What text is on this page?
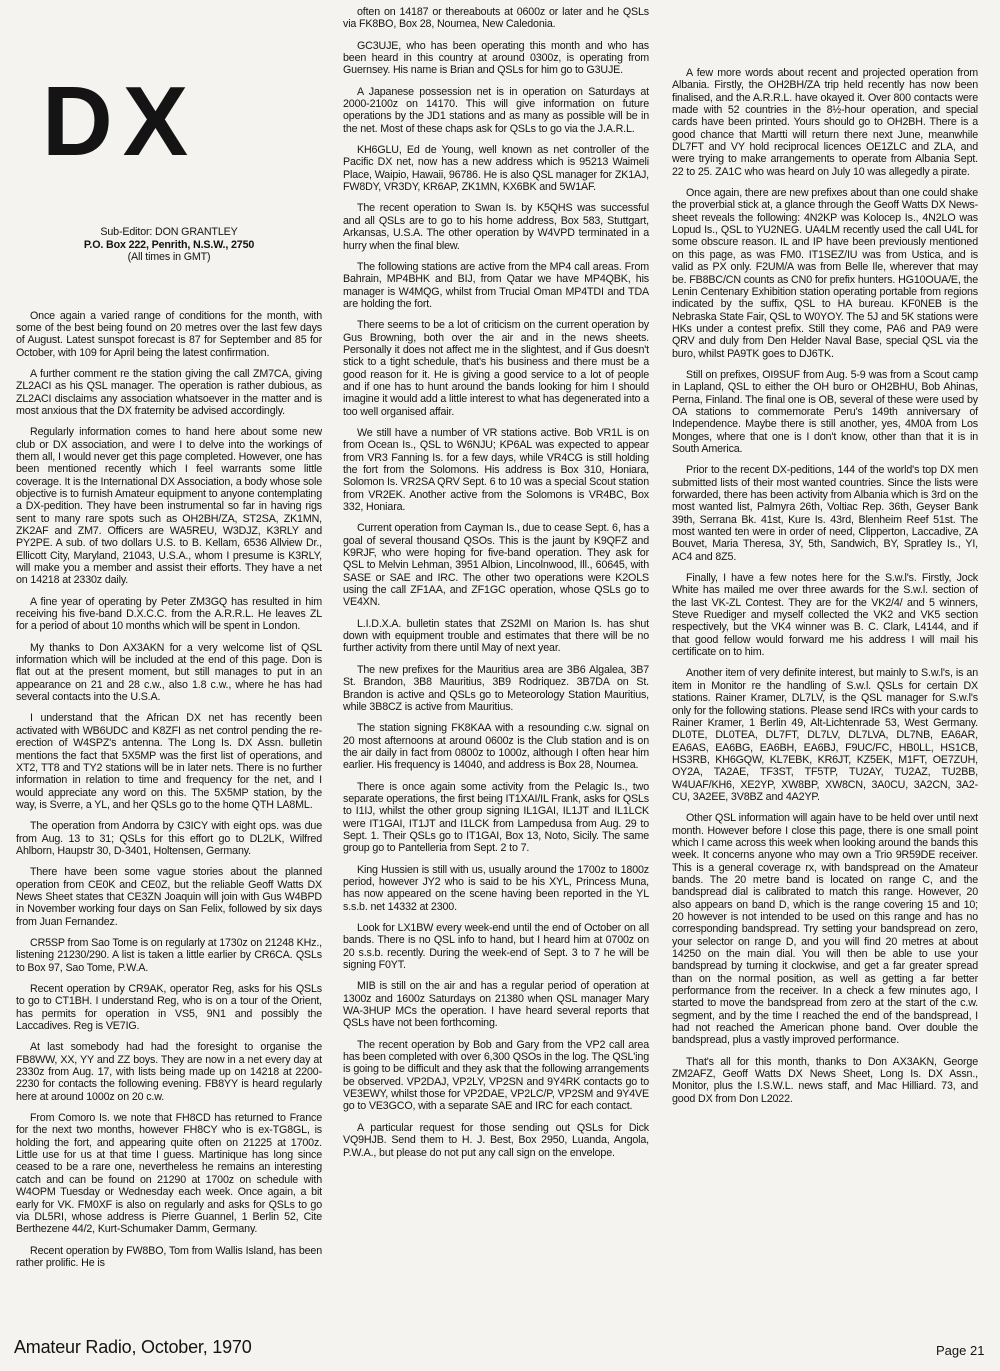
DX
Sub-Editor: DON GRANTLEY
P.O. Box 222, Penrith, N.S.W., 2750
(All times in GMT)

Once again a varied range of conditions for the month, with some of the best being found on 20 metres over the last few days of August. Latest sunspot forecast is 87 for September and 85 for October, with 109 for April being the latest confirmation.

A further comment re the station giving the call ZM7CA, giving ZL2ACI as his QSL manager. The operation is rather dubious, as ZL2ACI disclaims any association whatsoever in the matter and is most anxious that the DX fraternity be advised accordingly.

Regularly information comes to hand here about some new club or DX association, and were I to delve into the workings of them all, I would never get this page completed. However, one has been mentioned recently which I feel warrants some little coverage. It is the International DX Association, a body whose sole objective is to furnish Amateur equipment to anyone contemplating a DX-pedition. They have been instrumental so far in having rigs sent to many rare spots such as OH2BH/ZA, ST2SA, ZK1MN, ZK2AF and ZM7. Officers are WA5REU, W3DJZ, K3RLY and PY2PE. A sub. of two dollars U.S. to B. Kellam, 6536 Allview Dr., Ellicott City, Maryland, 21043, U.S.A., whom I presume is K3RLY, will make you a member and assist their efforts. They have a net on 14218 at 2330z daily.

A fine year of operating by Peter ZM3GQ has resulted in him receiving his five-band D.X.C.C. from the A.R.R.L. He leaves ZL for a period of about 10 months which will be spent in London.

My thanks to Don AX3AKN for a very welcome list of QSL information which will be included at the end of this page. Don is flat out at the present moment, but still manages to put in an appearance on 21 and 28 c.w., also 1.8 c.w., where he has had several contacts into the U.S.A.

I understand that the African DX net has recently been activated with WB6UDC and K8ZFI as net control pending the re-erection of W4SPZ's antenna. The Long Is. DX Assn. bulletin mentions the fact that 5X5MP was the first list of operations, and XT2, TT8 and TY2 stations will be in later nets. There is no further information in relation to time and frequency for the net, and I would appreciate any word on this. The 5X5MP station, by the way, is Sverre, a YL, and her QSLs go to the home QTH LA8ML.

The operation from Andorra by C3ICY with eight ops. was due from Aug. 13 to 31; QSLs for this effort go to DL2LK, Wilfred Ahlborn, Haupstr 30, D-3401, Holtensen, Germany.

There have been some vague stories about the planned operation from CE0K and CE0Z, but the reliable Geoff Watts DX News Sheet states that CE3ZN Joaquin will join with Gus W4BPD in November working four days on San Felix, followed by six days from Juan Fernandez.

CR5SP from Sao Tome is on regularly at 1730z on 21248 KHz., listening 21230/290. A list is taken a little earlier by CR6CA. QSLs to Box 97, Sao Tome, P.W.A.

Recent operation by CR9AK, operator Reg, asks for his QSLs to go to CT1BH. I understand Reg, who is on a tour of the Orient, has permits for operation in VS5, 9N1 and possibly the Laccadives. Reg is VE7IG.

At last somebody had had the foresight to organise the FB8WW, XX, YY and ZZ boys. They are now in a net every day at 2330z from Aug. 17, with lists being made up on 14218 at 2200-2230 for contacts the following evening. FB8YY is heard regularly here at around 1000z on 20 c.w.

From Comoro Is. we note that FH8CD has returned to France for the next two months, however FH8CY who is ex-TG8GL, is holding the fort, and appearing quite often on 21225 at 1700z. Little use for us at that time I guess. Martinique has long since ceased to be a rare one, nevertheless he remains an interesting catch and can be found on 21290 at 1700z on schedule with W4OPM Tuesday or Wednesday each week. Once again, a bit early for VK. FM0XF is also on regularly and asks for QSLs to go via DL5RI, whose address is Pierre Guannel, 1 Berlin 52, Cite Berthezene 44/2, Kurt-Schumaker Damm, Germany.

Recent operation by FW8BO, Tom from Wallis Island, has been rather prolific. He is

often on 14187 or thereabouts at 0600z or later and he QSLs via FK8BO, Box 28, Noumea, New Caledonia.

GC3UJE, who has been operating this month and who has been heard in this country at around 0300z, is operating from Guernsey. His name is Brian and QSLs for him go to G3UJE.

A Japanese possession net is in operation on Saturdays at 2000-2100z on 14170. This will give information on future operations by the JD1 stations and as many as possible will be in the net. Most of these chaps ask for QSLs to go via the J.A.R.L.

KH6GLU, Ed de Young, well known as net controller of the Pacific DX net, now has a new address which is 95213 Waimeli Place, Waipio, Hawaii, 96786. He is also QSL manager for ZK1AJ, FW8DY, VR3DY, KR6AP, ZK1MN, KX6BK and 5W1AF.

The recent operation to Swan Is. by K5QHS was successful and all QSLs are to go to his home address, Box 583, Stuttgart, Arkansas, U.S.A. The other operation by W4VPD terminated in a hurry when the final blew.

The following stations are active from the MP4 call areas. From Bahrain, MP4BHK and BIJ, from Qatar we have MP4QBK, his manager is W4MQG, whilst from Trucial Oman MP4TDI and TDA are holding the fort.

There seems to be a lot of criticism on the current operation by Gus Browning, both over the air and in the news sheets. Personally it does not affect me in the slightest, and if Gus doesn't stick to a tight schedule, that's his business and there must be a good reason for it. He is giving a good service to a lot of people and if one has to hunt around the bands looking for him I should imagine it would add a little interest to what has degenerated into a too well organised affair.

We still have a number of VR stations active. Bob VR1L is on from Ocean Is., QSL to W6NJU; KP6AL was expected to appear from VR3 Fanning Is. for a few days, while VR4CG is still holding the fort from the Solomons. His address is Box 310, Honiara, Solomon Is. VR2SA QRV Sept. 6 to 10 was a special Scout station from VR2EK. Another active from the Solomons is VR4BC, Box 332, Honiara.

Current operation from Cayman Is., due to cease Sept. 6, has a goal of several thousand QSOs. This is the jaunt by K9QFZ and K9RJF, who were hoping for five-band operation. They ask for QSL to Melvin Lehman, 3951 Albion, Lincolnwood, Ill., 60645, with SASE or SAE and IRC. The other two operations were K2OLS using the call ZF1AA, and ZF1GC operation, whose QSLs go to VE4XN.

L.I.D.X.A. bulletin states that ZS2MI on Marion Is. has shut down with equipment trouble and estimates that there will be no further activity from there until May of next year.

The new prefixes for the Mauritius area are 3B6 Algalea, 3B7 St. Brandon, 3B8 Mauritius, 3B9 Rodriquez. 3B7DA on St. Brandon is active and QSLs go to Meteorology Station Mauritius, while 3B8CZ is active from Mauritius.

The station signing FK8KAA with a resounding c.w. signal on 20 most afternoons at around 0600z is the Club station and is on the air daily in fact from 0800z to 1000z, although I often hear him earlier. His frequency is 14040, and address is Box 28, Noumea.

There is once again some activity from the Pelagic Is., two separate operations, the first being IT1XAI/IL Frank, asks for QSLs to I1IJ, whilst the other group signing IL1GAI, IL1JT and IL1LCK were IT1GAI, IT1JT and I1LCK from Lampedusa from Aug. 29 to Sept. 1. Their QSLs go to IT1GAI, Box 13, Noto, Sicily. The same group go to Pantelleria from Sept. 2 to 7.

King Hussien is still with us, usually around the 1700z to 1800z period, however JY2 who is said to be his XYL, Princess Muna, has now appeared on the scene having been reported in the YL s.s.b. net 14332 at 2300.

Look for LX1BW every week-end until the end of October on all bands. There is no QSL info to hand, but I heard him at 0700z on 20 s.s.b. recently. During the week-end of Sept. 3 to 7 he will be signing F0YT.

MIB is still on the air and has a regular period of operation at 1300z and 1600z Saturdays on 21380 when QSL manager Mary WA-3HUP MCs the operation. I have heard several reports that QSLs have not been forthcoming.

The recent operation by Bob and Gary from the VP2 call area has been completed with over 6,300 QSOs in the log. The QSL'ing is going to be difficult and they ask that the following arrangements be observed. VP2DAJ, VP2LY, VP2SN and 9Y4RK contacts go to VE3EWY, whilst those for VP2DAE, VP2LC/P, VP2SM and 9Y4VE go to VE3GCO, with a separate SAE and IRC for each contact.

A particular request for those sending out QSLs for Dick VQ9HJB. Send them to H. J. Best, Box 2950, Luanda, Angola, P.W.A., but please do not put any call sign on the envelope.

A few more words about recent and projected operation from Albania. Firstly, the OH2BH/ZA trip held recently has now been finalised, and the A.R.R.L. have okayed it. Over 800 contacts were made with 52 countries in the 8½-hour operation, and special cards have been printed. Yours should go to OH2BH. There is a good chance that Martti will return there next June, meanwhile DL7FT and VY hold reciprocal licences OE1ZLC and ZLA, and were trying to make arrangements to operate from Albania Sept. 22 to 25. ZA1C who was heard on July 10 was allegedly a pirate.

Once again, there are new prefixes about than one could shake the proverbial stick at, a glance through the Geoff Watts DX News-sheet reveals the following: 4N2KP was Kolocep Is., 4N2LO was Lopud Is., QSL to YU2NEG. UA4LM recently used the call U4L for some obscure reason. IL and IP have been previously mentioned on this page, as was FM0. IT1SEZ/IU was from Ustica, and is valid as PX only. F2UM/A was from Belle Ile, wherever that may be. FB8BC/CN counts as CN0 for prefix hunters. HG10OUA/E, the Lenin Centenary Exhibition station operating portable from regions indicated by the suffix, QSL to HA bureau. KF0NEB is the Nebraska State Fair, QSL to W0YOY. The 5J and 5K stations were HKs under a contest prefix. Still they come, PA6 and PA9 were QRV and duly from Den Helder Naval Base, special QSL via the buro, whilst PA9TK goes to DJ6TK.

Still on prefixes, OI9SUF from Aug. 5-9 was from a Scout camp in Lapland, QSL to either the OH buro or OH2BHU, Bob Ahinas, Perna, Finland. The final one is OB, several of these were used by OA stations to commemorate Peru's 149th anniversary of Independence. Maybe there is still another, yes, 4M0A from Los Monges, where that one is I don't know, other than that it is in South America.

Prior to the recent DX-peditions, 144 of the world's top DX men submitted lists of their most wanted countries. Since the lists were forwarded, there has been activity from Albania which is 3rd on the most wanted list, Palmyra 26th, Voltiac Rep. 36th, Geyser Bank 39th, Serrana Bk. 41st, Kure Is. 43rd, Blenheim Reef 51st. The most wanted ten were in order of need, Clipperton, Laccadive, ZA Bouvet, Maria Theresa, 3Y, 5th, Sandwich, BY, Spratley Is., YI, AC4 and 8Z5.

Finally, I have a few notes here for the S.w.l's. Firstly, Jock White has mailed me over three awards for the S.w.l. section of the last VK-ZL Contest. They are for the VK2/4/ and 5 winners, Steve Ruediger and myself collected the VK2 and VK5 section respectively, but the VK4 winner was B. C. Clark, L4144, and if that good fellow would forward me his address I will mail his certificate on to him.

Another item of very definite interest, but mainly to S.w.l's, is an item in Monitor re the handling of S.w.l. QSLs for certain DX stations. Rainer Kramer, DL7LV, is the QSL manager for S.w.l's only for the following stations. Please send IRCs with your cards to Rainer Kramer, 1 Berlin 49, Alt-Lichtenrade 53, West Germany. DL0TE, DL0TEA, DL7FT, DL7LV, DL7LVA, DL7NB, EA6AR, EA6AS, EA6BG, EA6BH, EA6BJ, F9UC/FC, HB0LL, HS1CB, HS3RB, KH6GQW, KL7EBK, KR6JT, KZ5EK, M1FT, OE7ZUH, OY2A, TA2AE, TF3ST, TF5TP, TU2AY, TU2AZ, TU2BB, W4UAF/KH6, XE2YP, XW8BP, XW8CN, 3A0CU, 3A2CN, 3A2-CU, 3A2EE, 3V8BZ and 4A2YP.

Other QSL information will again have to be held over until next month. However before I close this page, there is one small point which I came across this week when looking around the bands this week. It concerns anyone who may own a Trio 9R59DE receiver. This is a general coverage rx, with bandspread on the Amateur bands. The 20 metre band is located on range C, and the bandspread dial is calibrated to match this range. However, 20 also appears on band D, which is the range covering 15 and 10; 20 however is not intended to be used on this range and has no corresponding bandspread. Try setting your bandspread on zero, your selector on range D, and you will find 20 metres at about 14250 on the main dial. You will then be able to use your bandspread by turning it clockwise, and get a far greater spread than on the normal position, as well as getting a far better performance from the receiver. In a check a few minutes ago, I started to move the bandspread from zero at the start of the c.w. segment, and by the time I reached the end of the bandspread, I had not reached the American phone band. Over double the bandspread, plus a vastly improved performance.

That's all for this month, thanks to Don AX3AKN, George ZM2AFZ, Geoff Watts DX News Sheet, Long Is. DX Assn., Monitor, plus the I.S.W.L. news staff, and Mac Hilliard. 73, and good DX from Don L2022.

Amateur Radio, October, 1970	Page 21
